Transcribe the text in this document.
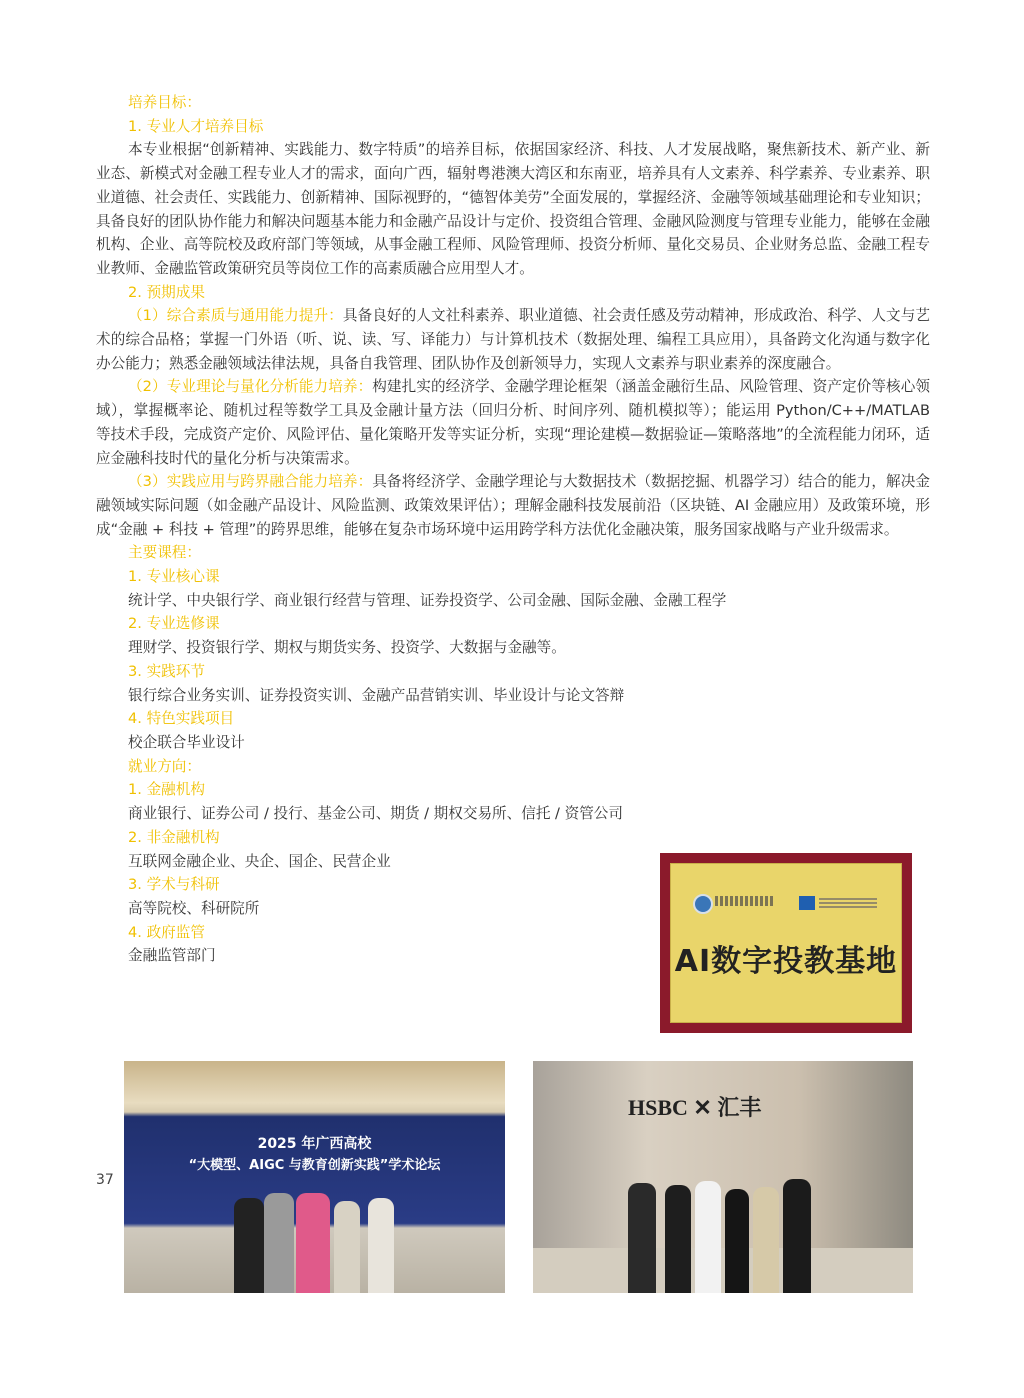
培养目标：
1. 专业人才培养目标

本专业根据“创新精神、实践能力、数字特质”的培养目标，依据国家经济、科技、人才发展战略，聚焦新技术、新产业、新业态、新模式对金融工程专业人才的需求，面向广西，辐射粤港澳大湾区和东南亚，培养具有人文素养、科学素养、专业素养、职业道德、社会责任、实践能力、创新精神、国际视野的，“德智体美劳”全面发展的，掌握经济、金融等领域基础理论和专业知识；具备良好的团队协作能力和解决问题基本能力和金融产品设计与定价、投资组合管理、金融风险测度与管理专业能力，能够在金融机构、企业、高等院校及政府部门等领域，从事金融工程师、风险管理师、投资分析师、量化交易员、企业财务总监、金融工程专业教师、金融监管政策研究员等岗位工作的高素质融合应用型人才。

2. 预期成果

（1）综合素质与通用能力提升：具备良好的人文社科素养、职业道德、社会责任感及劳动精神，形成政治、科学、人文与艺术的综合品格；掌握一门外语（听、说、读、写、译能力）与计算机技术（数据处理、编程工具应用），具备跨文化沟通与数字化办公能力；熟悉金融领域法律法规，具备自我管理、团队协作及创新领导力，实现人文素养与职业素养的深度融合。

（2）专业理论与量化分析能力培养：构建扎实的经济学、金融学理论框架（涵盖金融衍生品、风险管理、资产定价等核心领域），掌握概率论、随机过程等数学工具及金融计量方法（回归分析、时间序列、随机模拟等）；能运用 Python/C++/MATLAB 等技术手段，完成资产定价、风险评估、量化策略开发等实证分析，实现“理论建模—数据验证—策略落地”的全流程能力闭环，适应金融科技时代的量化分析与决策需求。

（3）实践应用与跨界融合能力培养：具备将经济学、金融学理论与大数据技术（数据挖掘、机器学习）结合的能力，解决金融领域实际问题（如金融产品设计、风险监测、政策效果评估）；理解金融科技发展前沿（区块链、AI 金融应用）及政策环境，形成“金融 + 科技 + 管理”的跨界思维，能够在复杂市场环境中运用跨学科方法优化金融决策，服务国家战略与产业升级需求。

主要课程：
1. 专业核心课
统计学、中央银行学、商业银行经营与管理、证券投资学、公司金融、国际金融、金融工程学
2. 专业选修课
理财学、投资银行学、期权与期货实务、投资学、大数据与金融等。
3. 实践环节
银行综合业务实训、证券投资实训、金融产品营销实训、毕业设计与论文答辩
4. 特色实践项目
校企联合毕业设计
就业方向：
1. 金融机构
商业银行、证券公司 / 投行、基金公司、期货 / 期权交易所、信托 / 资管公司
2. 非金融机构
互联网金融企业、央企、国企、民营企业
3. 学术与科研
高等院校、科研院所
4. 政府监管
金融监管部门	AI数字投教基地
2025 年广西高校
“大模型、AIGC 与教育创新实践”学术论坛
HSBC ✕ 汇丰
37
